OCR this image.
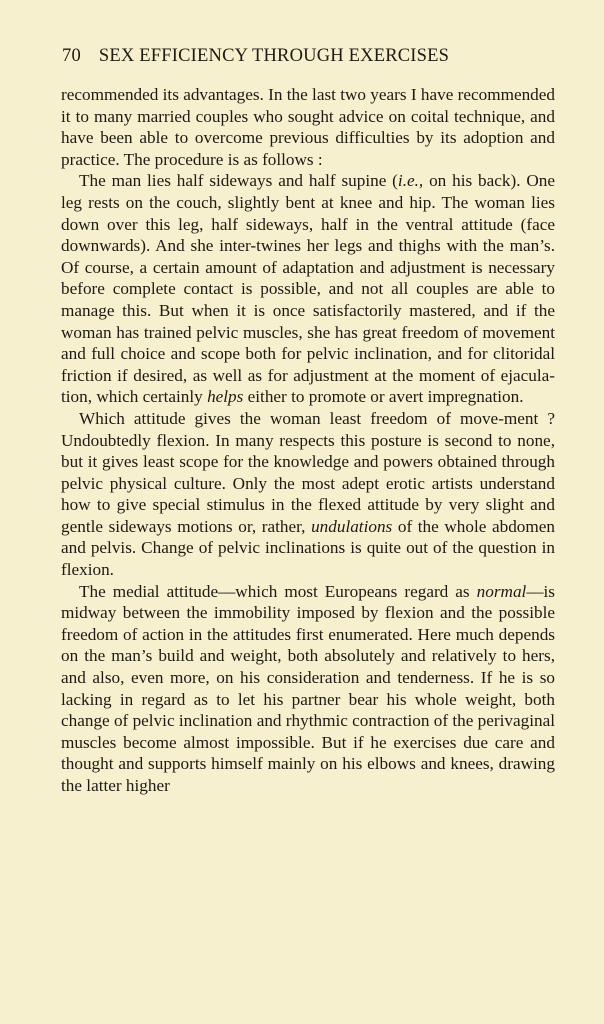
70 SEX EFFICIENCY THROUGH EXERCISES

recommended its advantages. In the last two years I have recommended it to many married couples who sought advice on coital technique, and have been able to overcome previous difficulties by its adoption and practice. The procedure is as follows :

The man lies half sideways and half supine (i.e., on his back). One leg rests on the couch, slightly bent at knee and hip. The woman lies down over this leg, half sideways, half in the ventral attitude (face downwards). And she inter-twines her legs and thighs with the man’s. Of course, a certain amount of adaptation and adjustment is necessary before complete contact is possible, and not all couples are able to manage this. But when it is once satisfactorily mastered, and if the woman has trained pelvic muscles, she has great freedom of movement and full choice and scope both for pelvic inclination, and for clitoridal friction if desired, as well as for adjustment at the moment of ejacula-tion, which certainly helps either to promote or avert impregnation.

Which attitude gives the woman least freedom of move-ment ? Undoubtedly flexion. In many respects this posture is second to none, but it gives least scope for the knowledge and powers obtained through pelvic physical culture. Only the most adept erotic artists understand how to give special stimulus in the flexed attitude by very slight and gentle sideways motions or, rather, undulations of the whole abdomen and pelvis. Change of pelvic inclinations is quite out of the question in flexion.

The medial attitude—which most Europeans regard as normal—is midway between the immobility imposed by flexion and the possible freedom of action in the attitudes first enumerated. Here much depends on the man’s build and weight, both absolutely and relatively to hers, and also, even more, on his consideration and tenderness. If he is so lacking in regard as to let his partner bear his whole weight, both change of pelvic inclination and rhythmic contraction of the perivaginal muscles become almost impossible. But if he exercises due care and thought and supports himself mainly on his elbows and knees, drawing the latter higher
